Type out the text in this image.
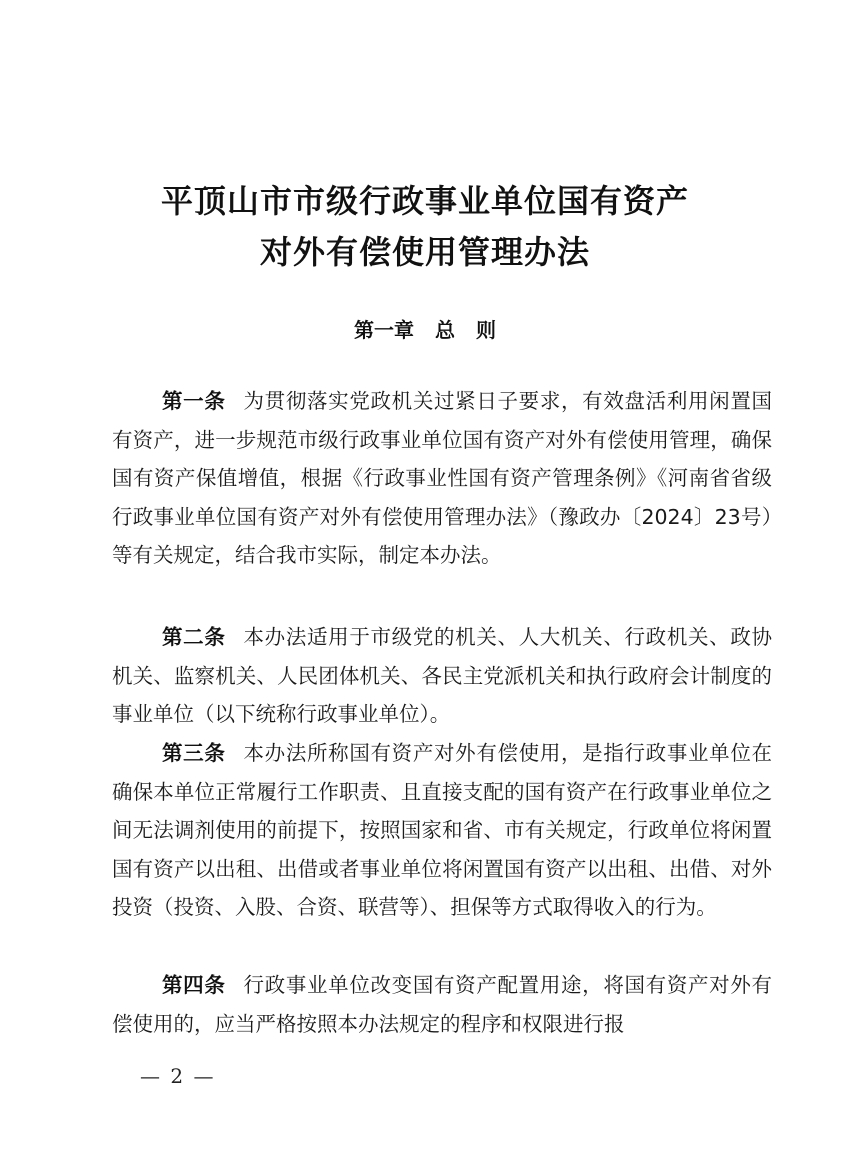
平顶山市市级行政事业单位国有资产
对外有偿使用管理办法
第一章 总 则

第一条 为贯彻落实党政机关过紧日子要求，有效盘活利用闲置国有资产，进一步规范市级行政事业单位国有资产对外有偿使用管理，确保国有资产保值增值，根据《行政事业性国有资产管理条例》《河南省省级行政事业单位国有资产对外有偿使用管理办法》（豫政办〔2024〕23号）等有关规定，结合我市实际，制定本办法。

第二条 本办法适用于市级党的机关、人大机关、行政机关、政协机关、监察机关、人民团体机关、各民主党派机关和执行政府会计制度的事业单位（以下统称行政事业单位）。

第三条 本办法所称国有资产对外有偿使用，是指行政事业单位在确保本单位正常履行工作职责、且直接支配的国有资产在行政事业单位之间无法调剂使用的前提下，按照国家和省、市有关规定，行政单位将闲置国有资产以出租、出借或者事业单位将闲置国有资产以出租、出借、对外投资（投资、入股、合资、联营等）、担保等方式取得收入的行为。

第四条 行政事业单位改变国有资产配置用途，将国有资产对外有偿使用的，应当严格按照本办法规定的程序和权限进行报

— 2 —
